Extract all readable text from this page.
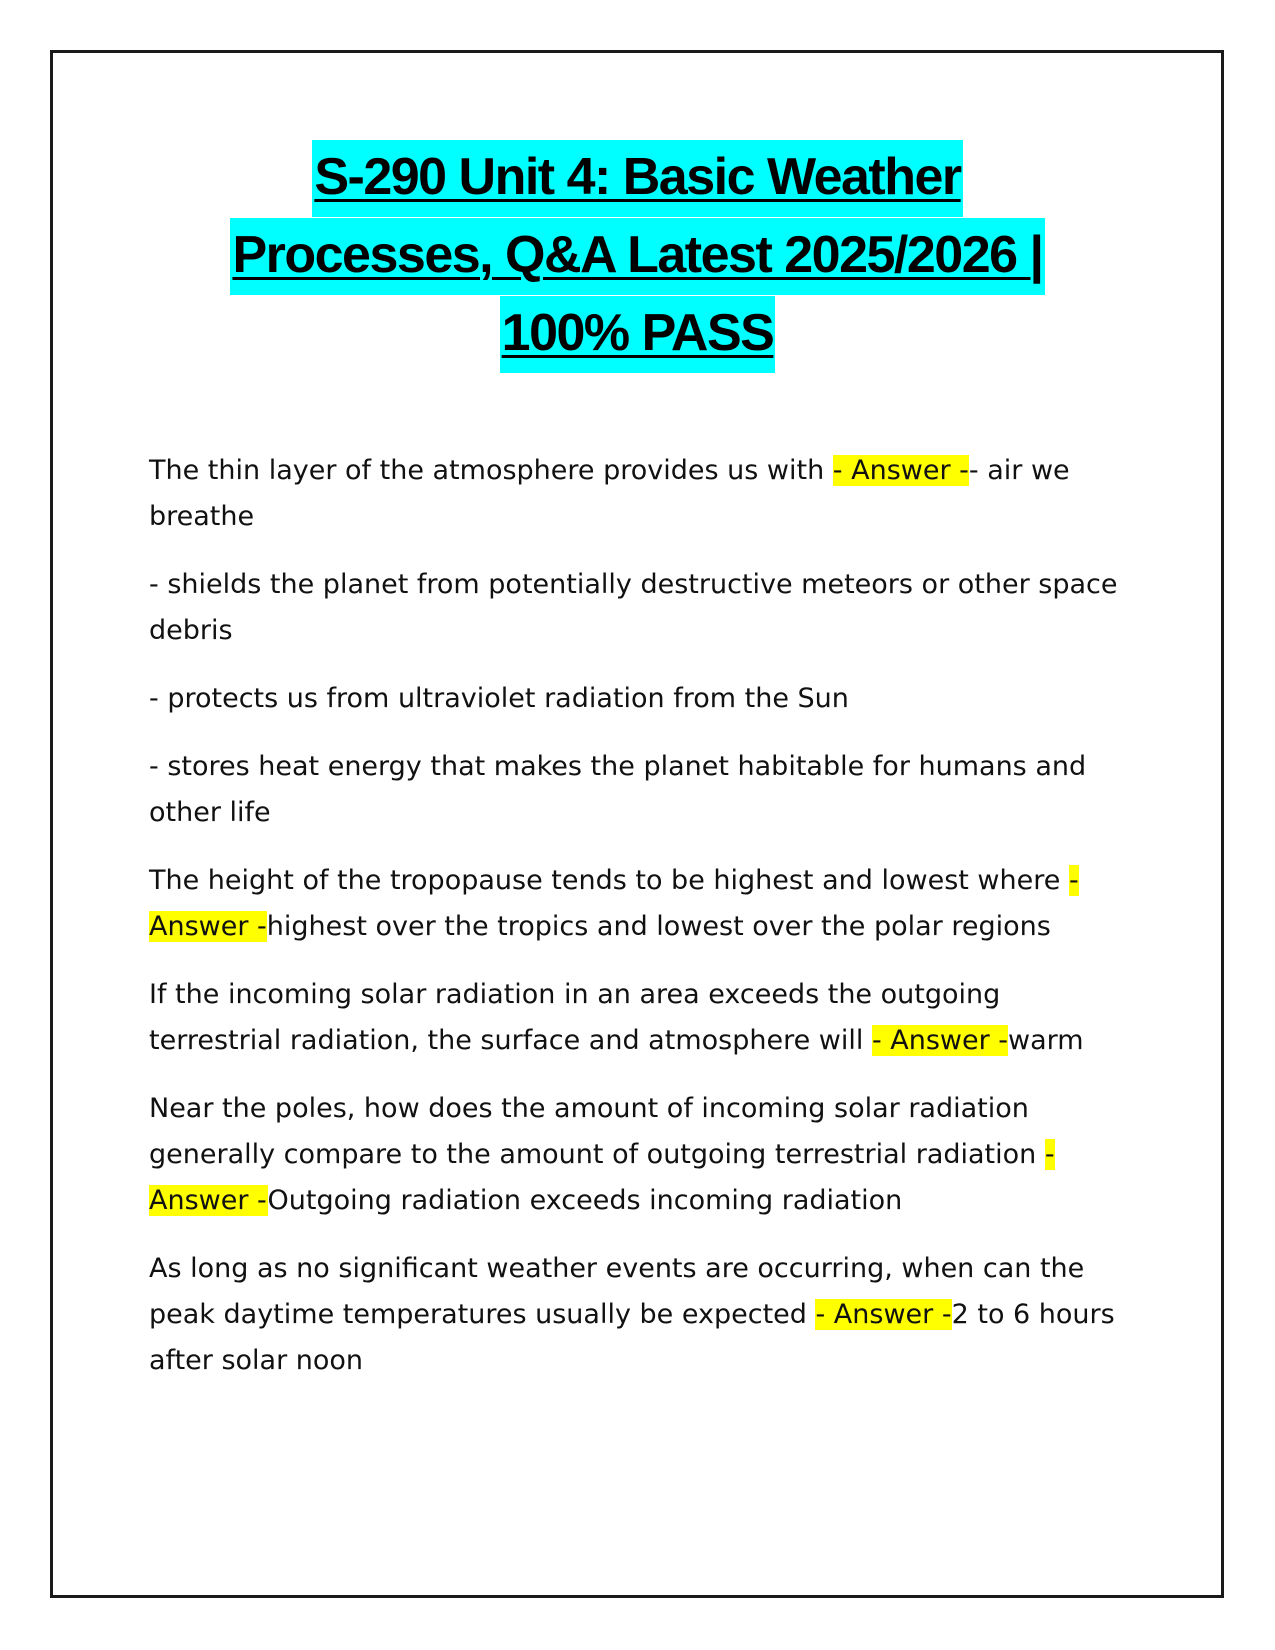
S-290 Unit 4: Basic Weather
Processes, Q&A Latest 2025/2026 |
100% PASS

The thin layer of the atmosphere provides us with - Answer -- air we breathe

- shields the planet from potentially destructive meteors or other space debris

- protects us from ultraviolet radiation from the Sun

- stores heat energy that makes the planet habitable for humans and other life

The height of the tropopause tends to be highest and lowest where - Answer -highest over the tropics and lowest over the polar regions

If the incoming solar radiation in an area exceeds the outgoing terrestrial radiation, the surface and atmosphere will - Answer -warm

Near the poles, how does the amount of incoming solar radiation generally compare to the amount of outgoing terrestrial radiation - Answer -Outgoing radiation exceeds incoming radiation

As long as no significant weather events are occurring, when can the peak daytime temperatures usually be expected - Answer -2 to 6 hours after solar noon
